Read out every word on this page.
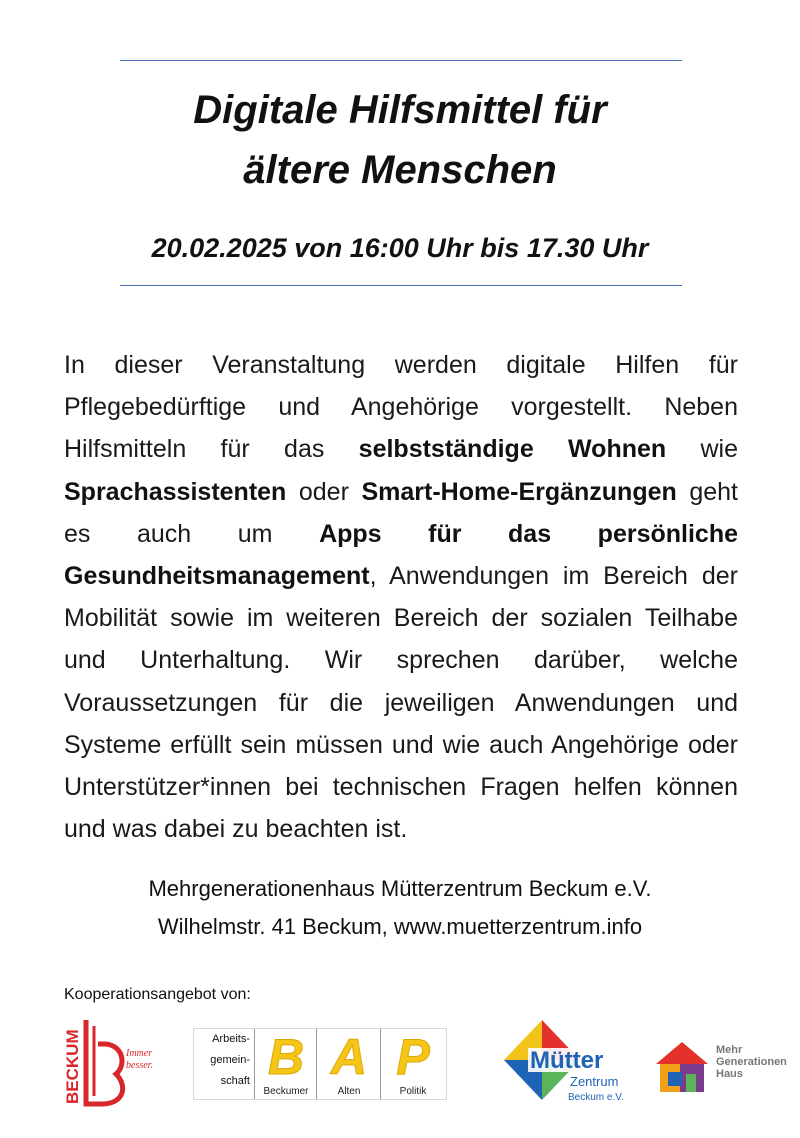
Digitale Hilfsmittel für
ältere Menschen
20.02.2025 von 16:00 Uhr bis 17.30 Uhr
In dieser Veranstaltung werden digitale Hilfen für Pflegebedürftige und Angehörige vorgestellt. Neben Hilfsmitteln für das selbstständige Wohnen wie Sprachassistenten oder Smart-Home-Ergänzungen geht es auch um Apps für das persönliche Gesundheitsmanagement, Anwendungen im Bereich der Mobilität sowie im weiteren Bereich der sozialen Teilhabe und Unterhaltung. Wir sprechen darüber, welche Voraussetzungen für die jeweiligen Anwendungen und Systeme erfüllt sein müssen und wie auch Angehörige oder Unterstützer*innen bei technischen Fragen helfen können und was dabei zu beachten ist.
Mehrgenerationenhaus Mütterzentrum Beckum e.V.
Wilhelmstr. 41 Beckum, www.muetterzentrum.info
Kooperationsangebot von:
BECKUM	Immer
besser.
Arbeits-
gemein-
schaft B
Beckumer
A
Alten
P
Politik
Mütter
Zentrum
Beckum e.V.
Mehr
Generationen
Haus
